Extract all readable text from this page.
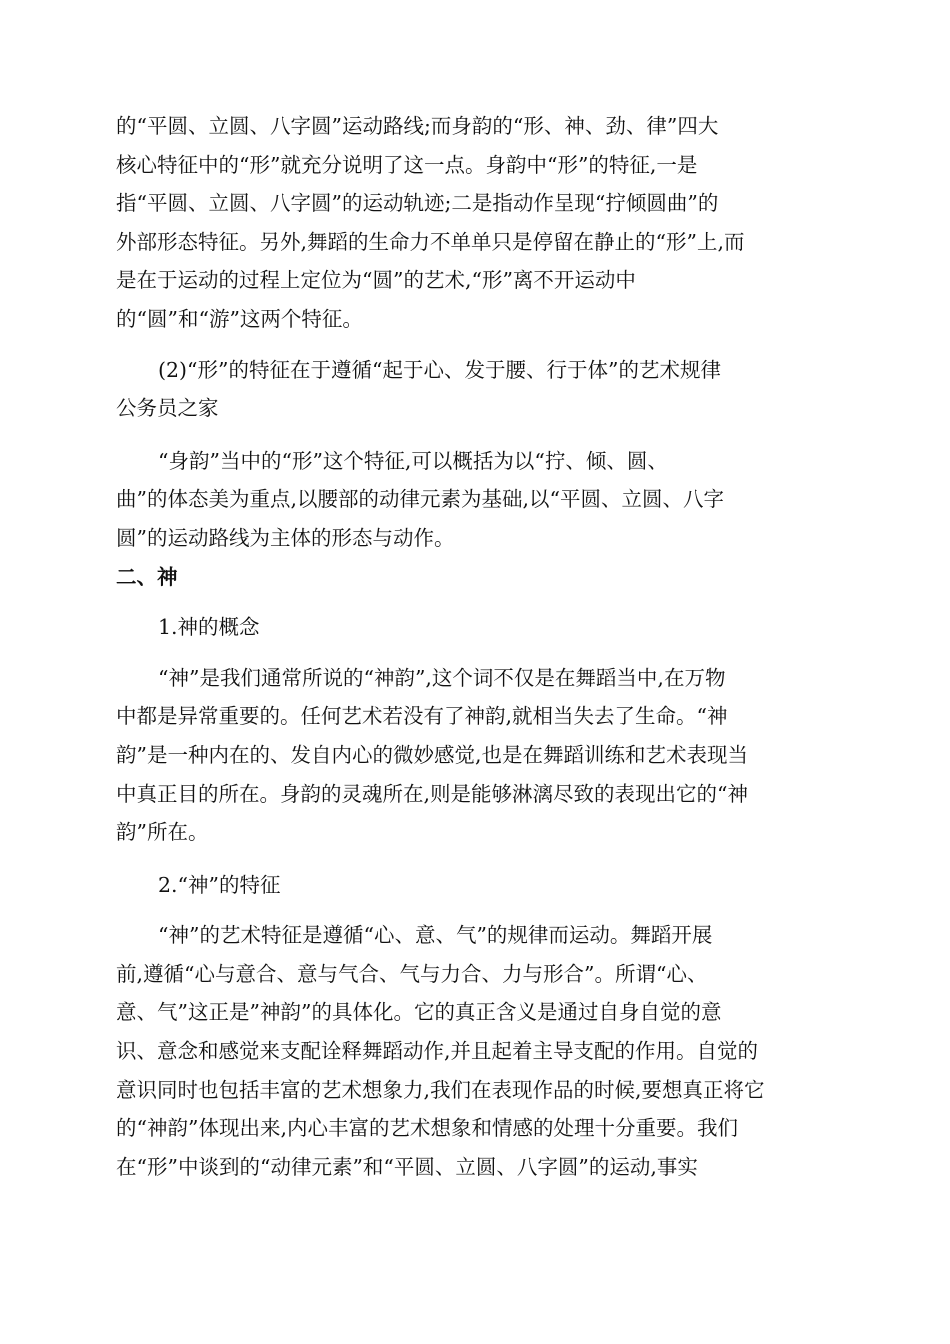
的“平圆、立圆、八字圆”运动路线;而身韵的“形、神、劲、律”四大
核心特征中的“形”就充分说明了这一点。身韵中“形”的特征,一是
指“平圆、立圆、八字圆”的运动轨迹;二是指动作呈现“拧倾圆曲”的
外部形态特征。另外,舞蹈的生命力不单单只是停留在静止的“形”上,而
是在于运动的过程上定位为“圆”的艺术,“形”离不开运动中
的“圆”和“游”这两个特征。

(2)“形”的特征在于遵循“起于心、发于腰、行于体”的艺术规律
公务员之家

“身韵”当中的“形”这个特征,可以概括为以“拧、倾、圆、
曲”的体态美为重点,以腰部的动律元素为基础,以“平圆、立圆、八字
圆”的运动路线为主体的形态与动作。

二、神

1.神的概念

“神”是我们通常所说的“神韵”,这个词不仅是在舞蹈当中,在万物
中都是异常重要的。任何艺术若没有了神韵,就相当失去了生命。“神
韵”是一种内在的、发自内心的微妙感觉,也是在舞蹈训练和艺术表现当
中真正目的所在。身韵的灵魂所在,则是能够淋漓尽致的表现出它的“神
韵”所在。

2.“神”的特征

“神”的艺术特征是遵循“心、意、气”的规律而运动。舞蹈开展
前,遵循“心与意合、意与气合、气与力合、力与形合”。所谓“心、
意、气”这正是”神韵”的具体化。它的真正含义是通过自身自觉的意
识、意念和感觉来支配诠释舞蹈动作,并且起着主导支配的作用。自觉的
意识同时也包括丰富的艺术想象力,我们在表现作品的时候,要想真正将它
的“神韵”体现出来,内心丰富的艺术想象和情感的处理十分重要。我们
在“形”中谈到的“动律元素”和“平圆、立圆、八字圆”的运动,事实
